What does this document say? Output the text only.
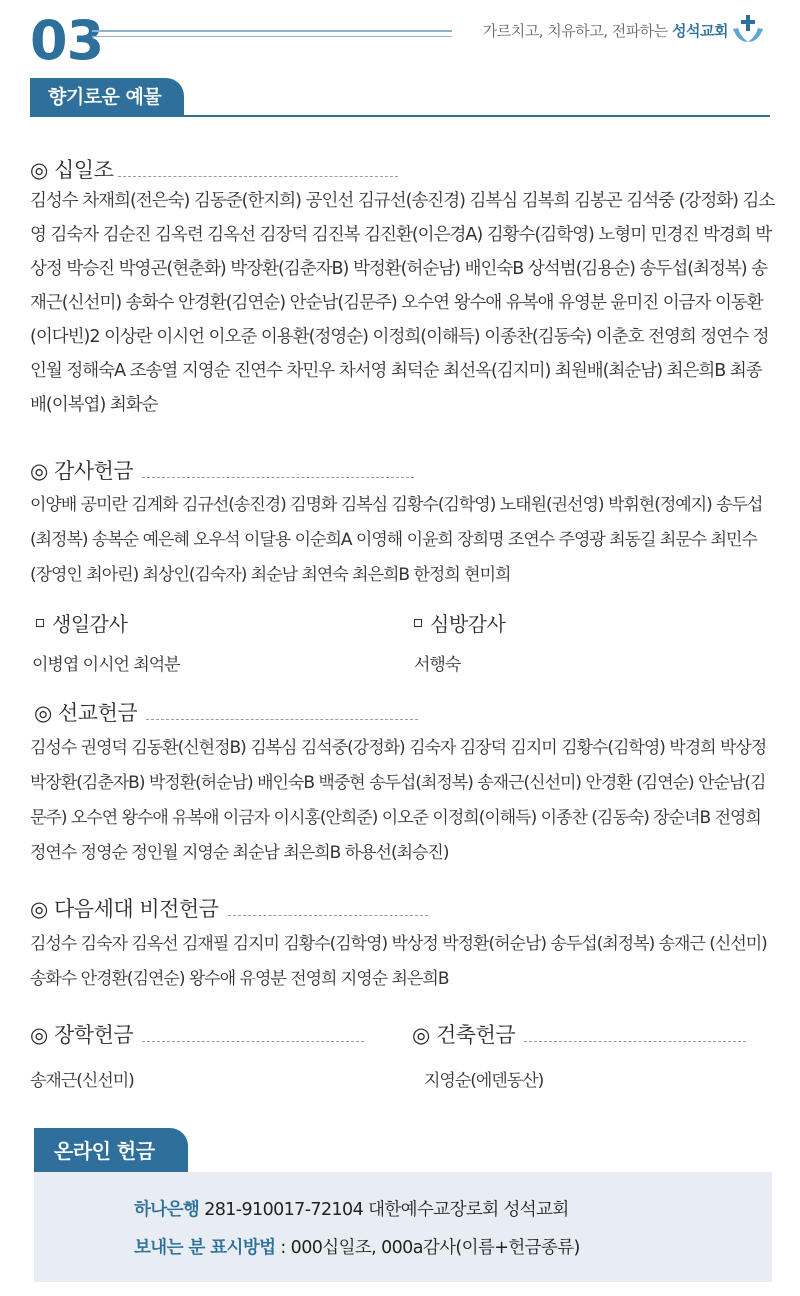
03	가르치고, 치유하고, 전파하는 성석교회
향기로운 예물
◎ 십일조
김성수 차재희(전은숙) 김동준(한지희) 공인선 김규선(송진경) 김복심 김복희 김봉곤 김석중 (강정화) 김소영 김숙자 김순진 김옥련 김옥선 김장덕 김진복 김진환(이은경A) 김황수(김학영) 노형미 민경진 박경희 박상정 박승진 박영곤(현춘화) 박장환(김춘자B) 박정환(허순남) 배인숙B 상석범(김용순) 송두섭(최정복) 송재근(신선미) 송화수 안경환(김연순) 안순남(김문주) 오수연 왕수애 유복애 유영분 윤미진 이금자 이동환(이다빈)2 이상란 이시언 이오준 이용환(정영순) 이정희(이해득) 이종찬(김동숙) 이춘호 전영희 정연수 정인월 정해숙A 조송열 지영순 진연수 차민우 차서영 최덕순 최선옥(김지미) 최원배(최순남) 최은희B 최종배(이복엽) 최화순
◎ 감사헌금
이양배 공미란 김계화 김규선(송진경) 김명화 김복심 김황수(김학영) 노태원(권선영) 박휘현(정예지) 송두섭(최정복) 송복순 예은혜 오우석 이달용 이순희A 이영해 이윤희 장희명 조연수 주영광 최동길 최문수 최민수(장영인 최아린) 최상인(김숙자) 최순남 최연숙 최은희B 한정희 현미희
생일감사	심방감사
이병엽 이시언 최억분	서행숙
◎ 선교헌금
김성수 권영덕 김동환(신현정B) 김복심 김석중(강정화) 김숙자 김장덕 김지미 김황수(김학영) 박경희 박상정 박장환(김춘자B) 박정환(허순남) 배인숙B 백중현 송두섭(최정복) 송재근(신선미) 안경환 (김연순) 안순남(김문주) 오수연 왕수애 유복애 이금자 이시홍(안희준) 이오준 이정희(이해득) 이종찬 (김동숙) 장순녀B 전영희 정연수 정영순 정인월 지영순 최순남 최은희B 하용선(최승진)
◎ 다음세대 비전헌금
김성수 김숙자 김옥선 김재필 김지미 김황수(김학영) 박상정 박정환(허순남) 송두섭(최정복) 송재근 (신선미) 송화수 안경환(김연순) 왕수애 유영분 전영희 지영순 최은희B
◎ 장학헌금
송재근(신선미)
◎ 건축헌금
지영순(에덴동산)
온라인 헌금
하나은행 281-910017-72104 대한예수교장로회 성석교회
보내는 분 표시방법 : 000십일조, 000a감사(이름+헌금종류)
